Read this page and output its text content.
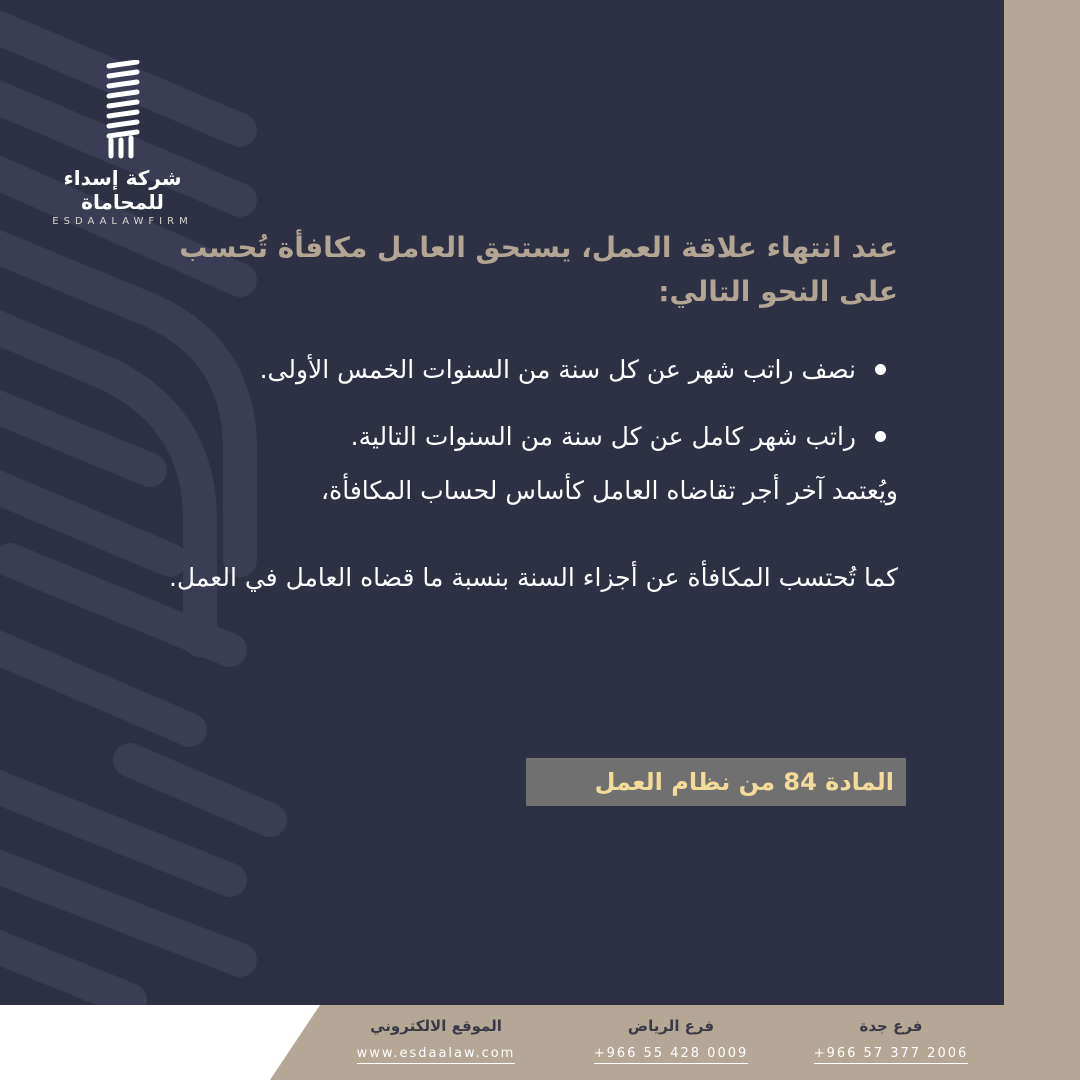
شركة إسداء للمحاماة
ESDAALAWFIRM

عند انتهاء علاقة العمل، يستحق العامل مكافأة تُحسب على النحو التالي:

نصف راتب شهر عن كل سنة من السنوات الخمس الأولى.
راتب شهر كامل عن كل سنة من السنوات التالية.

ويُعتمد آخر أجر تقاضاه العامل كأساس لحساب المكافأة،

كما تُحتسب المكافأة عن أجزاء السنة بنسبة ما قضاه العامل في العمل.

المادة 84 من نظام العمل
الموقع الالكتروني
www.esdaalaw.com
فرع الرياض
+966 55 428 0009
فرع جدة
+966 57 377 2006
